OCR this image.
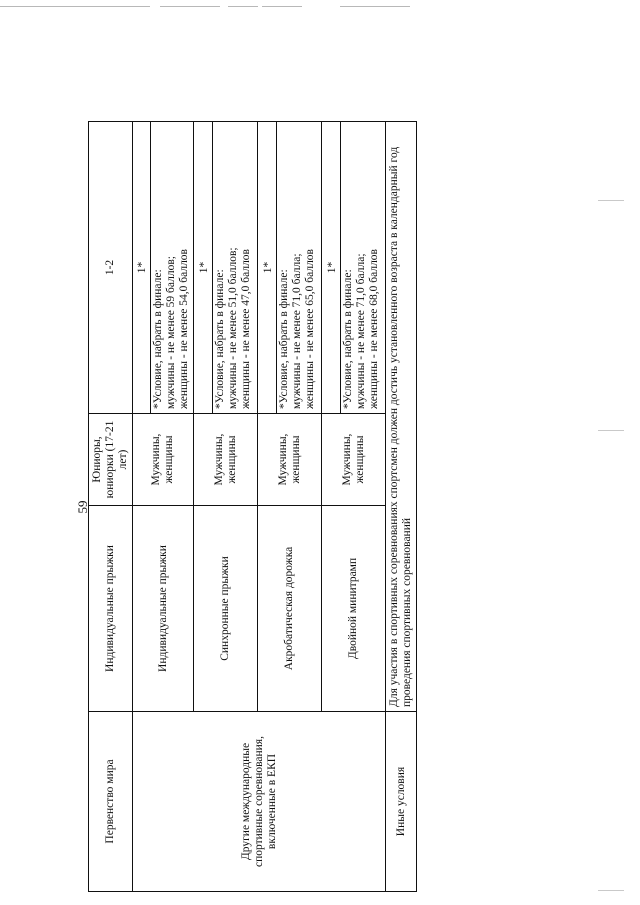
59
Первенство мира	Индивидуальные прыжки	Юниоры, юниорки (17-21 лет)	1-2
Другие международные спортивные соревнования, включенные в ЕКП	Индивидуальные прыжки	Мужчины, женщины	1*
*Условие, набрать в финале: мужчины - не менее 59 баллов; женщины - не менее 54,0 баллов

	Синхронные прыжки	Мужчины, женщины	1*
*Условие, набрать в финале: мужчины - не менее 51,0 баллов; женщины - не менее 47,0 баллов

	Акробатическая дорожка	Мужчины, женщины	1*
*Условие, набрать в финале: мужчины - не менее 71,0 балла; женщины - не менее 65,0 баллов

	Двойной минитрамп	Мужчины, женщины	1*
*Условие, набрать в финале: мужчины - не менее 71,0 балла; женщины - не менее 68,0 баллов

Иные условия	Для участия в спортивных соревнованиях спортсмен должен достичь установленного возраста в календарный год проведения спортивных соревнований		
